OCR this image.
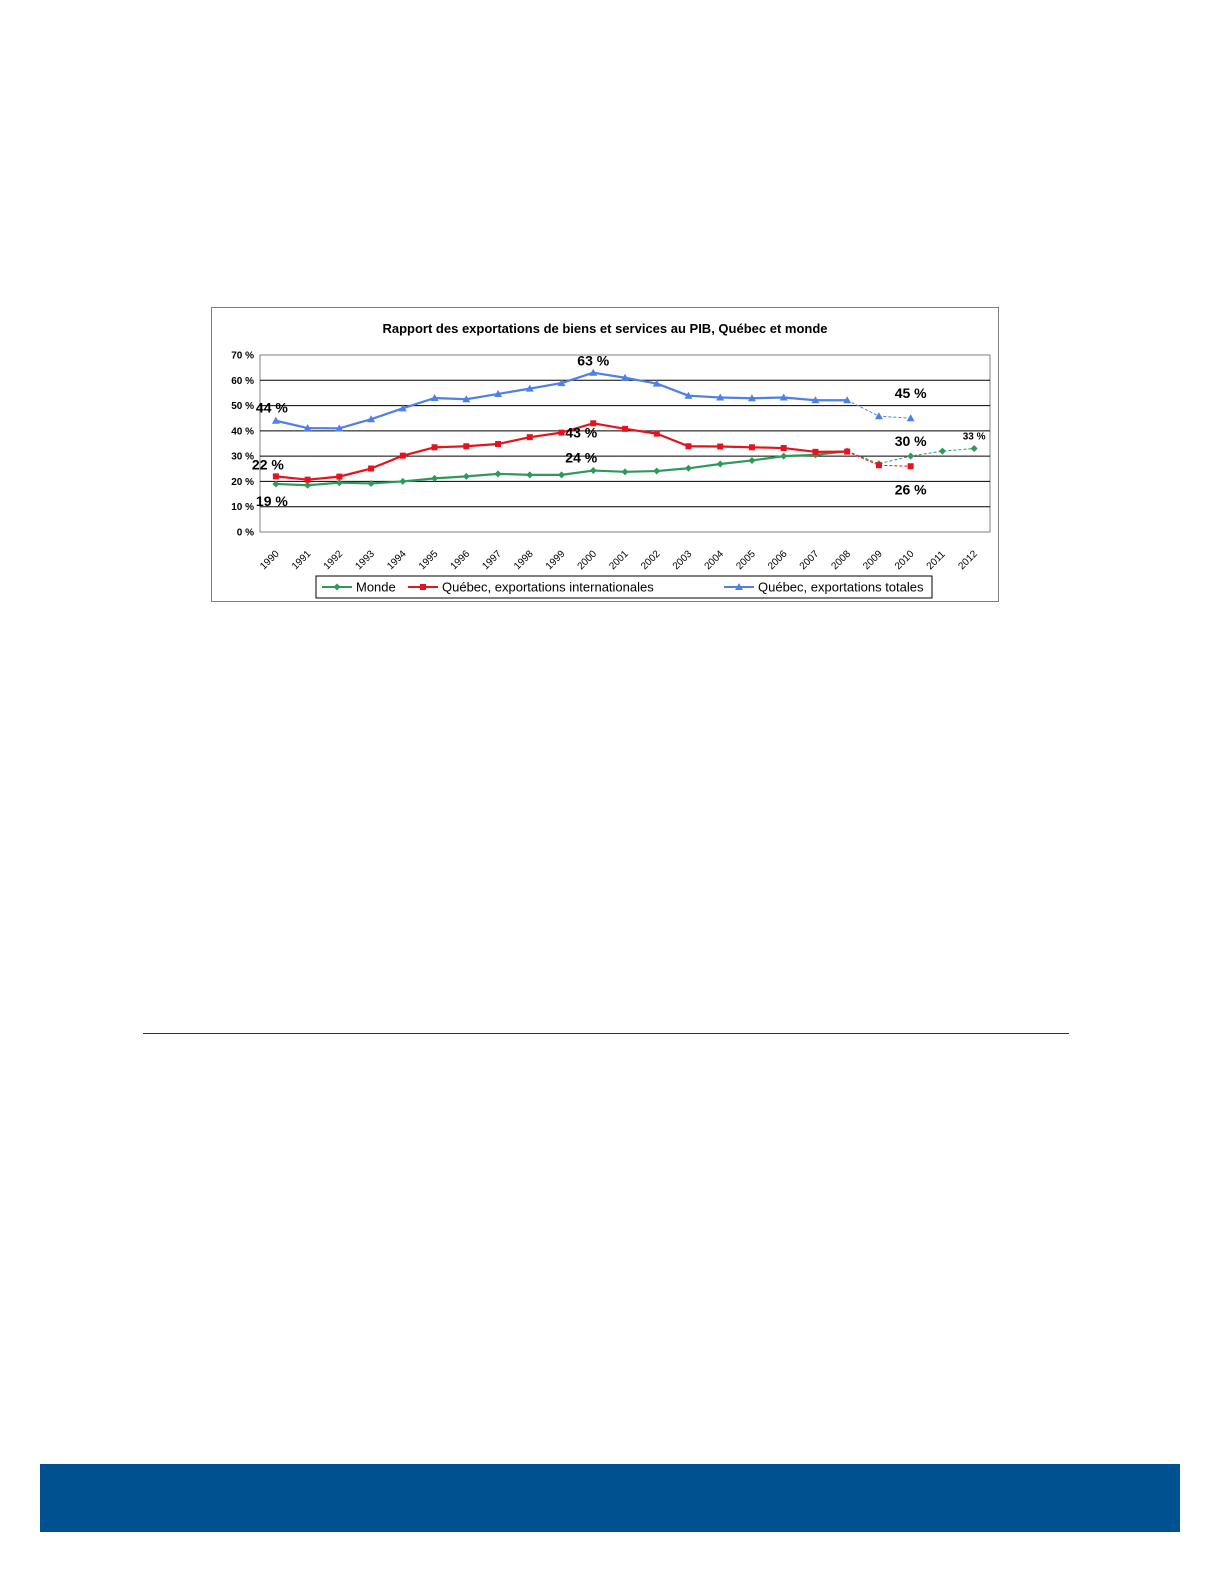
Rapport des exportations de biens et services au PIB, Québec et monde
0 %
10 %
20 %
30 %
40 %
50 %
60 %
70 %
1990 1991 1992 1993 1994 1995 1996 1997 1998 1999 2000 2001 2002 2003 2004 2005 2006 2007 2008 2009 2010 2011 2012
44 %
63 %
45 %
22 %
43 %
26 %
19 %
24 %
30 %	33 %
Monde	Québec, exportations internationales	Québec, exportations totales
